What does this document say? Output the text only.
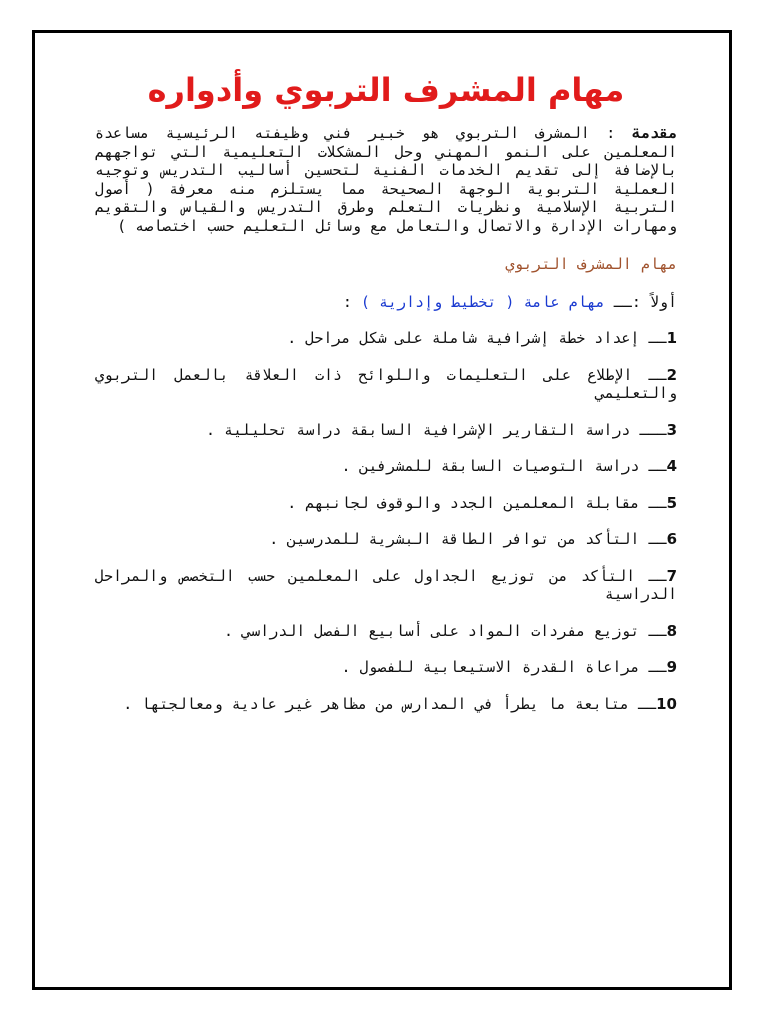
مهام المشرف التربوي وأدواره

مقدمة : المشرف التربوي هو خبير فني وظيفته الرئيسية مساعدة المعلمين على النمو المهني وحل المشكلات التعليمية التي تواجههم بالإضافة إلى تقديم الخدمات الفنية لتحسين أساليب التدريس وتوجيه العملية التربوية الوجهة الصحيحة مما يستلزم منه معرفة ( أصول التربية الإسلامية ونظريات التعلم وطرق التدريس والقياس والتقويم ومهارات الإدارة والاتصال والتعامل مع وسائل التعليم حسب اختصاصه )

مهام المشرف التربوي

أولاً :ــ مهام عامة ( تخطيط وإدارية ) :

1ــ إعداد خطة إشرافية شاملة على شكل مراحل .
2ــ الإطلاع على التعليمات واللوائح ذات العلاقة بالعمل التربوي والتعليمي
3ـــ دراسة التقارير الإشرافية السابقة دراسة تحليلية .
4ــ دراسة التوصيات السابقة للمشرفين .
5ــ مقابلة المعلمين الجدد والوقوف لجانبهم .
6ــ التأكد من توافر الطاقة البشرية للمدرسين .
7ــ التأكد من توزيع الجداول على المعلمين حسب التخصص والمراحل الدراسية
8ــ توزيع مفردات المواد على أسابيع الفصل الدراسي .
9ــ مراعاة القدرة الاستيعابية للفصول .
10ــ متابعة ما يطرأ في المدارس من مظاهر غير عادية ومعالجتها .
